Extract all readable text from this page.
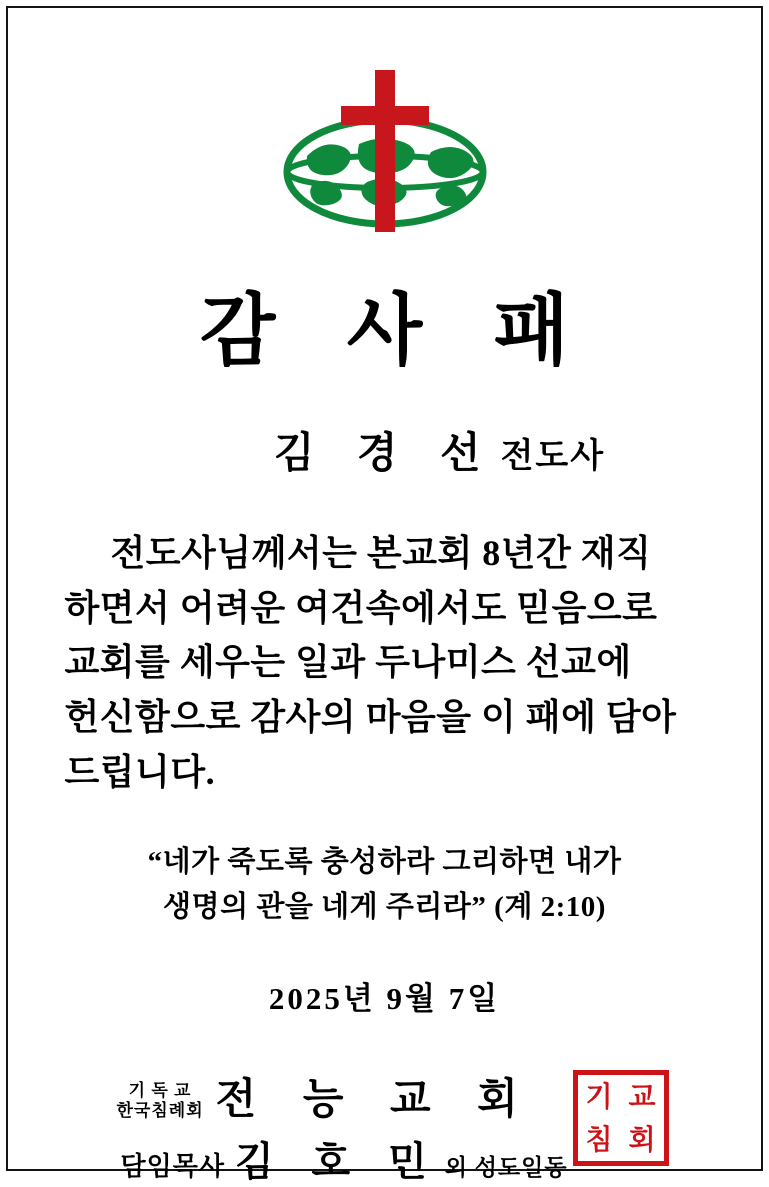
감 사 패
김 경 선 전도사
전도사님께서는 본교회 8년간 재직
하면서 어려운 여건속에서도 믿음으로
교회를 세우는 일과 두나미스 선교에
헌신함으로 감사의 마음을 이 패에 담아
드립니다.
“네가 죽도록 충성하라 그리하면 내가
생명의 관을 네게 주리라” (계 2:10)
2025년 9월 7일
기 독 교
한국침례회 전 능 교 회
담임목사 김 호 민 외 성도일동
기 교
침 회
